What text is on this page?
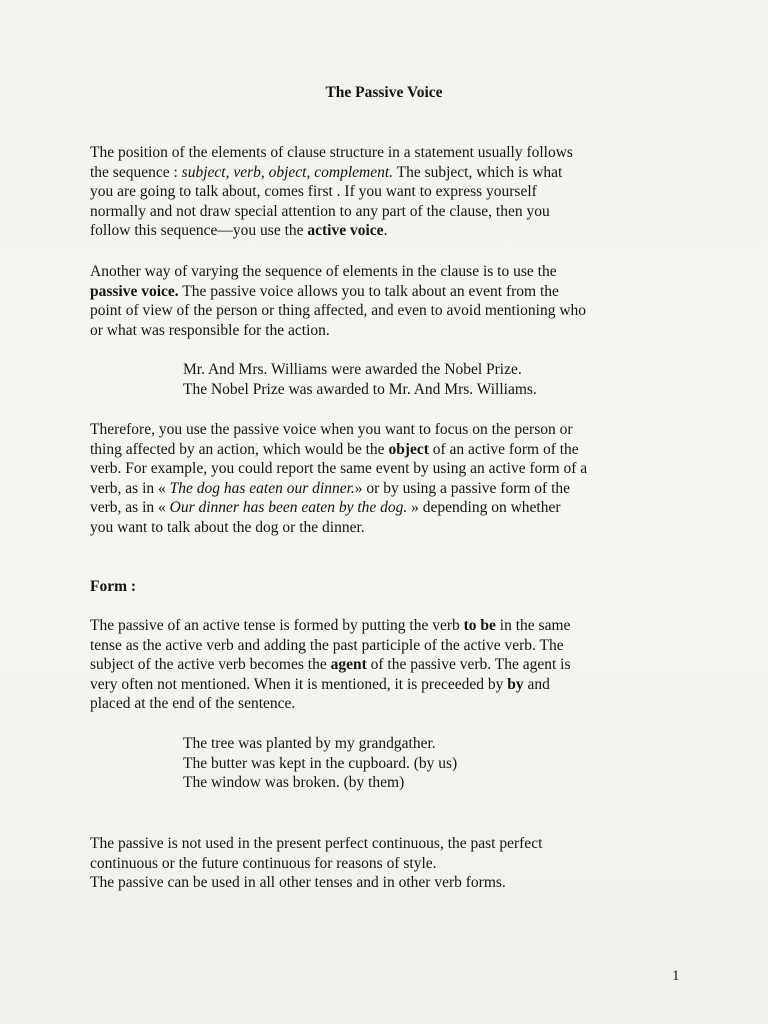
The Passive Voice

The position of the elements of clause structure in a statement usually follows
the sequence : subject, verb, object, complement. The subject, which is what
you are going to talk about, comes first . If you want to express yourself
normally and not draw special attention to any part of the clause, then you
follow this sequence—you use the active voice.

Another way of varying the sequence of elements in the clause is to use the
passive voice. The passive voice allows you to talk about an event from the
point of view of the person or thing affected, and even to avoid mentioning who
or what was responsible for the action.

Mr. And Mrs. Williams were awarded the Nobel Prize.
The Nobel Prize was awarded to Mr. And Mrs. Williams.

Therefore, you use the passive voice when you want to focus on the person or
thing affected by an action, which would be the object of an active form of the
verb. For example, you could report the same event by using an active form of a
verb, as in « The dog has eaten our dinner.» or by using a passive form of the
verb, as in « Our dinner has been eaten by the dog. » depending on whether
you want to talk about the dog or the dinner.

Form :

The passive of an active tense is formed by putting the verb to be in the same
tense as the active verb and adding the past participle of the active verb. The
subject of the active verb becomes the agent of the passive verb. The agent is
very often not mentioned. When it is mentioned, it is preceeded by by and
placed at the end of the sentence.

The tree was planted by my grandgather.
The butter was kept in the cupboard. (by us)
The window was broken. (by them)

The passive is not used in the present perfect continuous, the past perfect
continuous or the future continuous for reasons of style.
The passive can be used in all other tenses and in other verb forms.

1
